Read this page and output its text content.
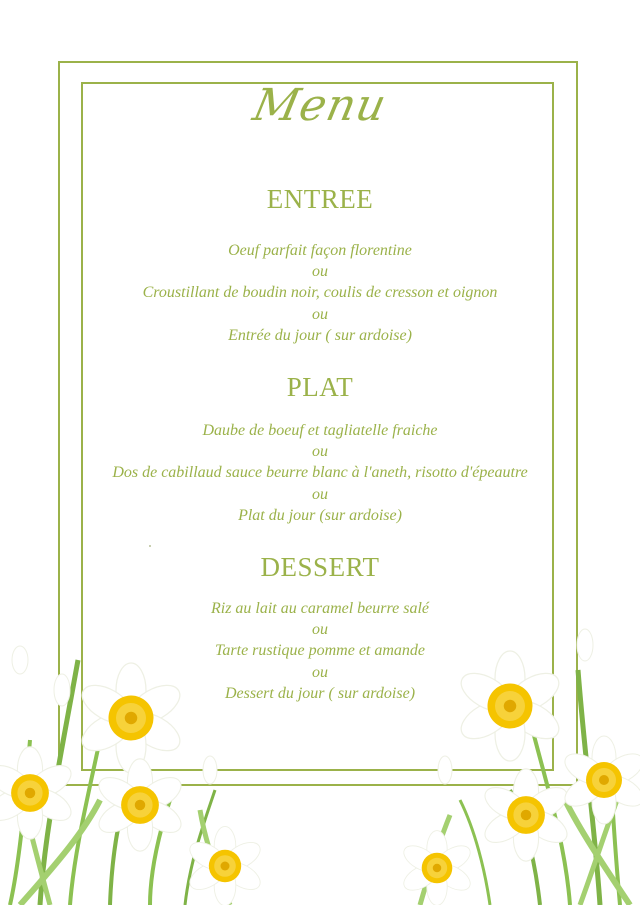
Menu
ENTREE
Oeuf parfait façon florentine
ou
Croustillant de boudin noir, coulis de cresson et oignon
ou
Entrée du jour ( sur ardoise)
PLAT
Daube de boeuf et tagliatelle fraiche
ou
Dos de cabillaud sauce beurre blanc à l'aneth, risotto d'épeautre
ou
Plat du jour (sur ardoise)
DESSERT
Riz au lait au caramel beurre salé
ou
Tarte rustique pomme et amande
ou
Dessert du jour ( sur ardoise)
